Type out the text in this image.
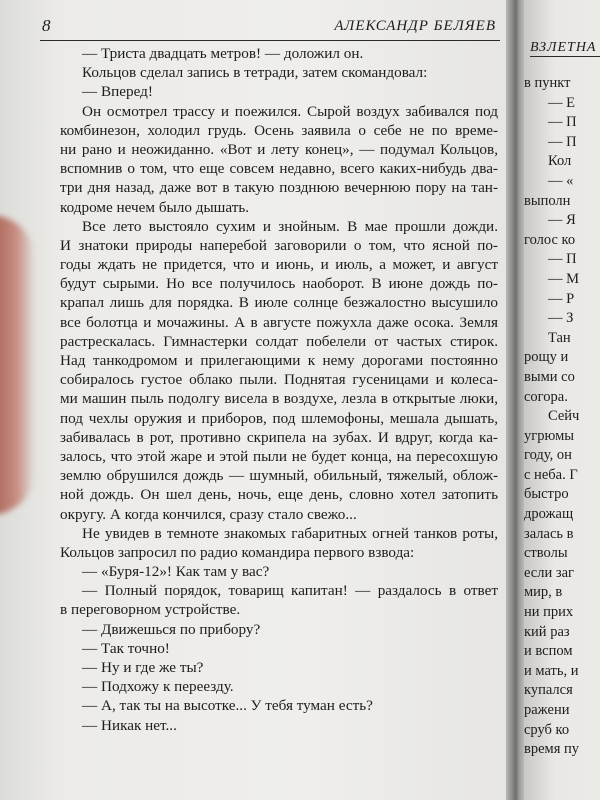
8	АЛЕКСАНДР БЕЛЯЕВ
— Триста двадцать метров! — доложил он.
Кольцов сделал запись в тетради, затем скомандовал:
— Вперед!
Он осмотрел трассу и поежился. Сырой воздух забивался под
комбинезон, холодил грудь. Осень заявила о себе не по време-
ни рано и неожиданно. «Вот и лету конец», — подумал Кольцов,
вспомнив о том, что еще совсем недавно, всего каких-нибудь два-
три дня назад, даже вот в такую позднюю вечернюю пору на тан-
кодроме нечем было дышать.
Все лето выстояло сухим и знойным. В мае прошли дожди.
И знатоки природы наперебой заговорили о том, что ясной по-
годы ждать не придется, что и июнь, и июль, а может, и август
будут сырыми. Но все получилось наоборот. В июне дождь по-
крапал лишь для порядка. В июле солнце безжалостно высушило
все болотца и мочажины. А в августе пожухла даже осока. Земля
растрескалась. Гимнастерки солдат побелели от частых стирок.
Над танкодромом и прилегающими к нему дорогами постоянно
собиралось густое облако пыли. Поднятая гусеницами и колеса-
ми машин пыль подолгу висела в воздухе, лезла в открытые люки,
под чехлы оружия и приборов, под шлемофоны, мешала дышать,
забивалась в рот, противно скрипела на зубах. И вдруг, когда ка-
залось, что этой жаре и этой пыли не будет конца, на пересохшую
землю обрушился дождь — шумный, обильный, тяжелый, облож-
ной дождь. Он шел день, ночь, еще день, словно хотел затопить
округу. А когда кончился, сразу стало свежо...
Не увидев в темноте знакомых габаритных огней танков роты,
Кольцов запросил по радио командира первого взвода:
— «Буря-12»! Как там у вас?
— Полный порядок, товарищ капитан! — раздалось в ответ
в переговорном устройстве.
— Движешься по прибору?
— Так точно!
— Ну и где же ты?
— Подхожу к переезду.
— А, так ты на высотке... У тебя туман есть?
— Никак нет...
ВЗЛЕТНА
в пункт
— Е
— П
— П
Кол
— «
выполн
— Я
голос ко
— П
— М
— Р
— З
Тан
рощу и
выми со
согора.
Сейч
угрюмы
году, он
с неба. Г
быстро
дрожащ
залась в
стволы
если заг
мир, в
ни прих
кий раз
и вспом
и мать, и
купался
ражени
сруб ко
время пу
